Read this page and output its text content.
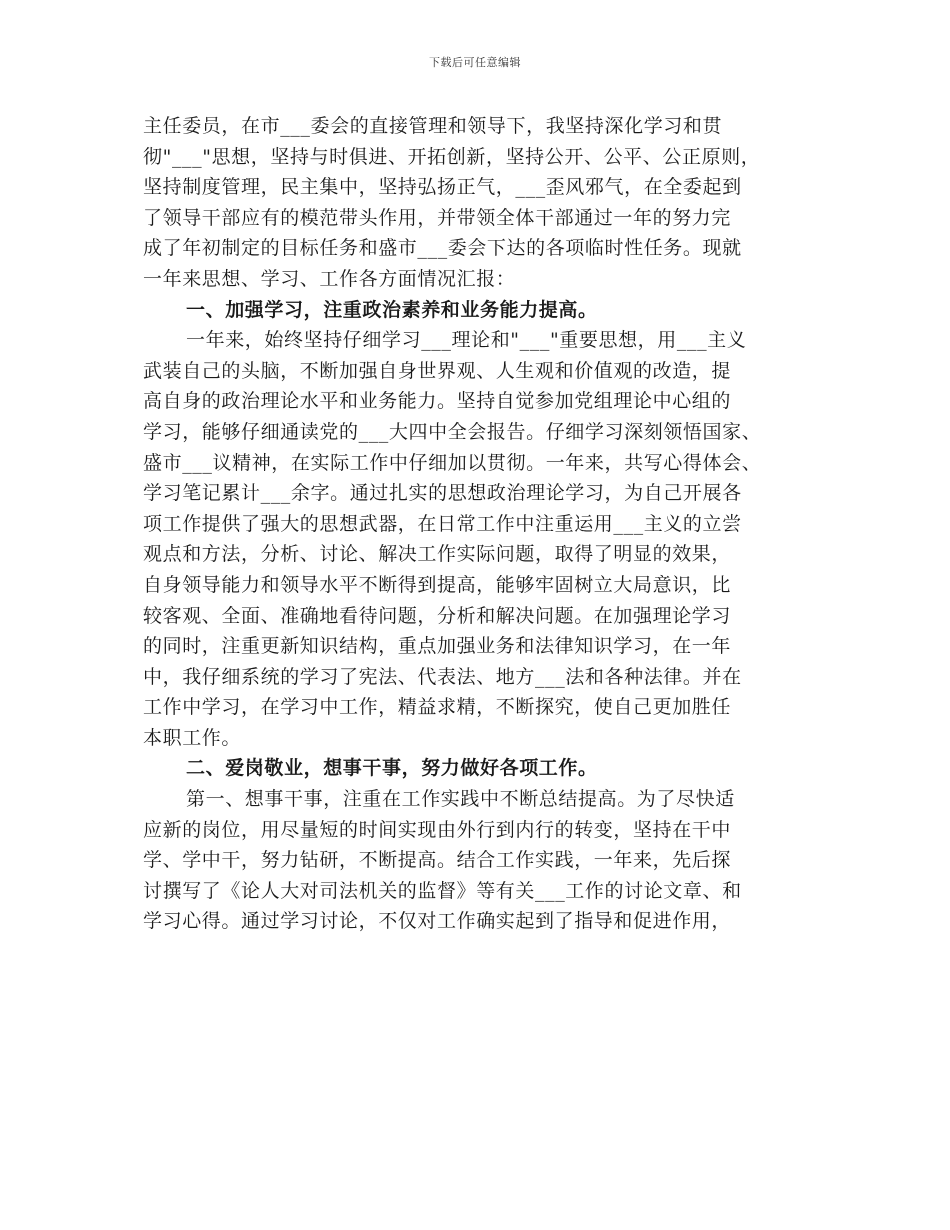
下载后可任意编辑
主任委员，在市___委会的直接管理和领导下，我坚持深化学习和贯
彻"___"思想，坚持与时俱进、开拓创新，坚持公开、公平、公正原则，
坚持制度管理，民主集中，坚持弘扬正气，___歪风邪气，在全委起到
了领导干部应有的模范带头作用，并带领全体干部通过一年的努力完
成了年初制定的目标任务和盛市___委会下达的各项临时性任务。现就
一年来思想、学习、工作各方面情况汇报：
一、加强学习，注重政治素养和业务能力提高。
一年来，始终坚持仔细学习___理论和"___"重要思想，用___主义
武装自己的头脑，不断加强自身世界观、人生观和价值观的改造，提
高自身的政治理论水平和业务能力。坚持自觉参加党组理论中心组的
学习，能够仔细通读党的___大四中全会报告。仔细学习深刻领悟国家、
盛市___议精神，在实际工作中仔细加以贯彻。一年来，共写心得体会、
学习笔记累计___余字。通过扎实的思想政治理论学习，为自己开展各
项工作提供了强大的思想武器，在日常工作中注重运用___主义的立尝
观点和方法，分析、讨论、解决工作实际问题，取得了明显的效果，
自身领导能力和领导水平不断得到提高，能够牢固树立大局意识，比
较客观、全面、准确地看待问题，分析和解决问题。在加强理论学习
的同时，注重更新知识结构，重点加强业务和法律知识学习，在一年
中，我仔细系统的学习了宪法、代表法、地方___法和各种法律。并在
工作中学习，在学习中工作，精益求精，不断探究，使自己更加胜任
本职工作。
二、爱岗敬业，想事干事，努力做好各项工作。
第一、想事干事，注重在工作实践中不断总结提高。为了尽快适
应新的岗位，用尽量短的时间实现由外行到内行的转变，坚持在干中
学、学中干，努力钻研，不断提高。结合工作实践，一年来，先后探
讨撰写了《论人大对司法机关的监督》等有关___工作的讨论文章、和
学习心得。通过学习讨论，不仅对工作确实起到了指导和促进作用，
